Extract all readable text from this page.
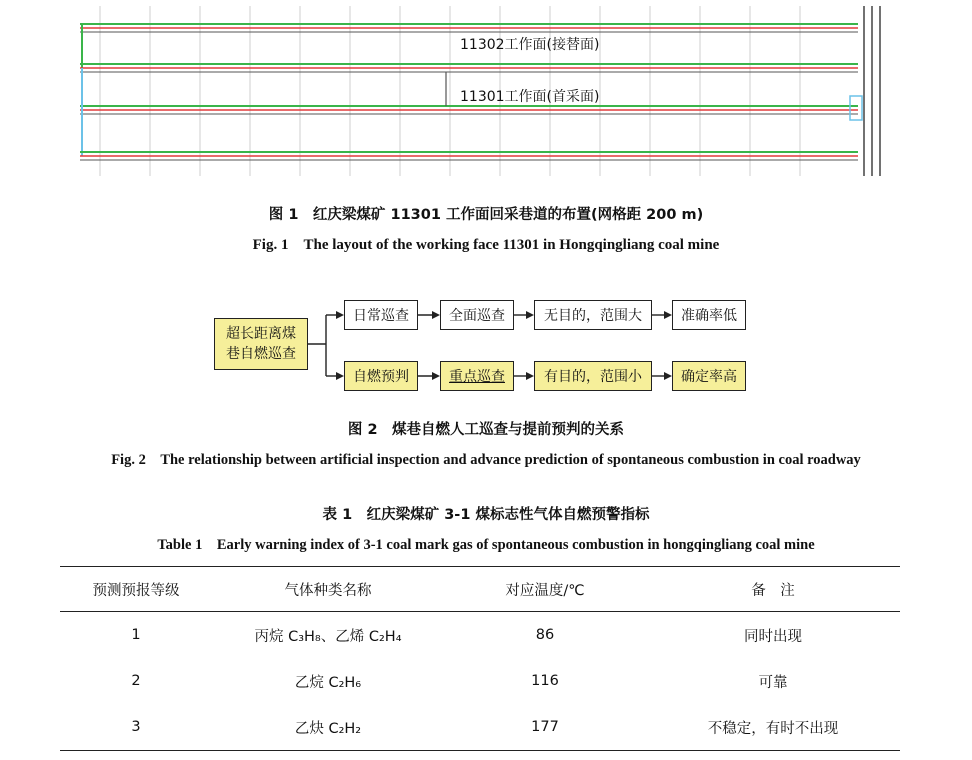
11302工作面(接替面)
11301工作面(首采面)
图 1　红庆梁煤矿 11301 工作面回采巷道的布置(网格距 200 m)
Fig. 1　The layout of the working face 11301 in Hongqingliang coal mine
超长距离煤巷自燃巡查
日常巡查	全面巡查	无目的，范围大	准确率低
自燃预判	重点巡查	有目的，范围小	确定率高
图 2　煤巷自燃人工巡查与提前预判的关系
Fig. 2　The relationship between artificial inspection and advance prediction of spontaneous combustion in coal roadway
表 1　红庆梁煤矿 3-1 煤标志性气体自燃预警指标
Table 1　Early warning index of 3-1 coal mark gas of spontaneous combustion in hongqingliang coal mine
预测预报等级	气体种类名称	对应温度/℃	备　注
1	丙烷 C₃H₈、乙烯 C₂H₄	86	同时出现
2	乙烷 C₂H₆	116	可靠
3	乙炔 C₂H₂	177	不稳定，有时不出现
